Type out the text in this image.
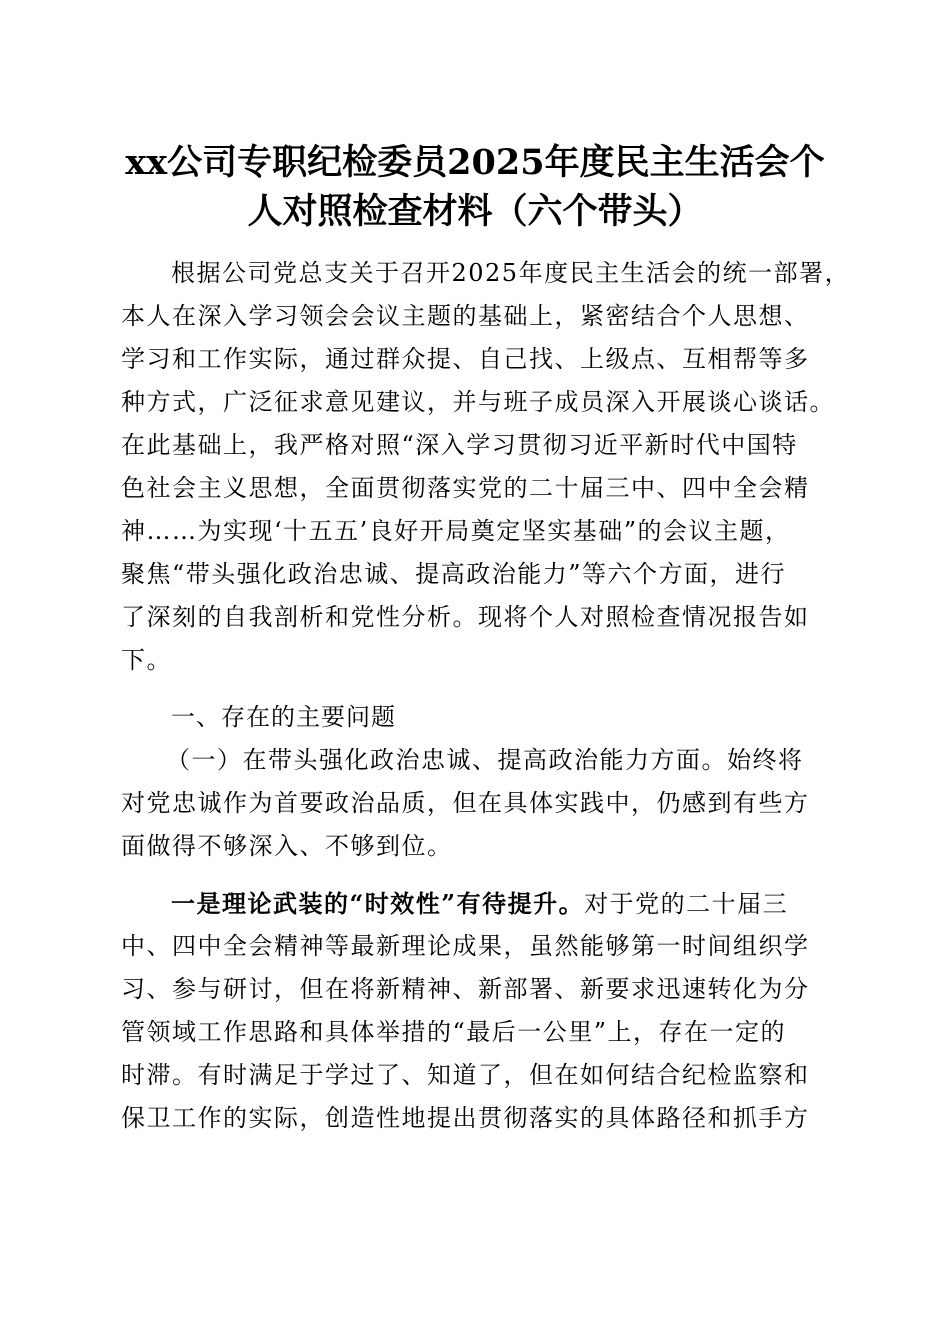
xx公司专职纪检委员2025年度民主生活会个
人对照检查材料（六个带头）
根据公司党总支关于召开2025年度民主生活会的统一部署，
本人在深入学习领会会议主题的基础上，紧密结合个人思想、
学习和工作实际，通过群众提、自己找、上级点、互相帮等多
种方式，广泛征求意见建议，并与班子成员深入开展谈心谈话。
在此基础上，我严格对照“深入学习贯彻习近平新时代中国特
色社会主义思想，全面贯彻落实党的二十届三中、四中全会精
神……为实现‘十五五’良好开局奠定坚实基础”的会议主题，
聚焦“带头强化政治忠诚、提高政治能力”等六个方面，进行
了深刻的自我剖析和党性分析。现将个人对照检查情况报告如
下。
一、存在的主要问题
（一）在带头强化政治忠诚、提高政治能力方面。始终将
对党忠诚作为首要政治品质，但在具体实践中，仍感到有些方
面做得不够深入、不够到位。
一是理论武装的“时效性”有待提升。对于党的二十届三
中、四中全会精神等最新理论成果，虽然能够第一时间组织学
习、参与研讨，但在将新精神、新部署、新要求迅速转化为分
管领域工作思路和具体举措的“最后一公里”上，存在一定的
时滞。有时满足于学过了、知道了，但在如何结合纪检监察和
保卫工作的实际，创造性地提出贯彻落实的具体路径和抓手方
